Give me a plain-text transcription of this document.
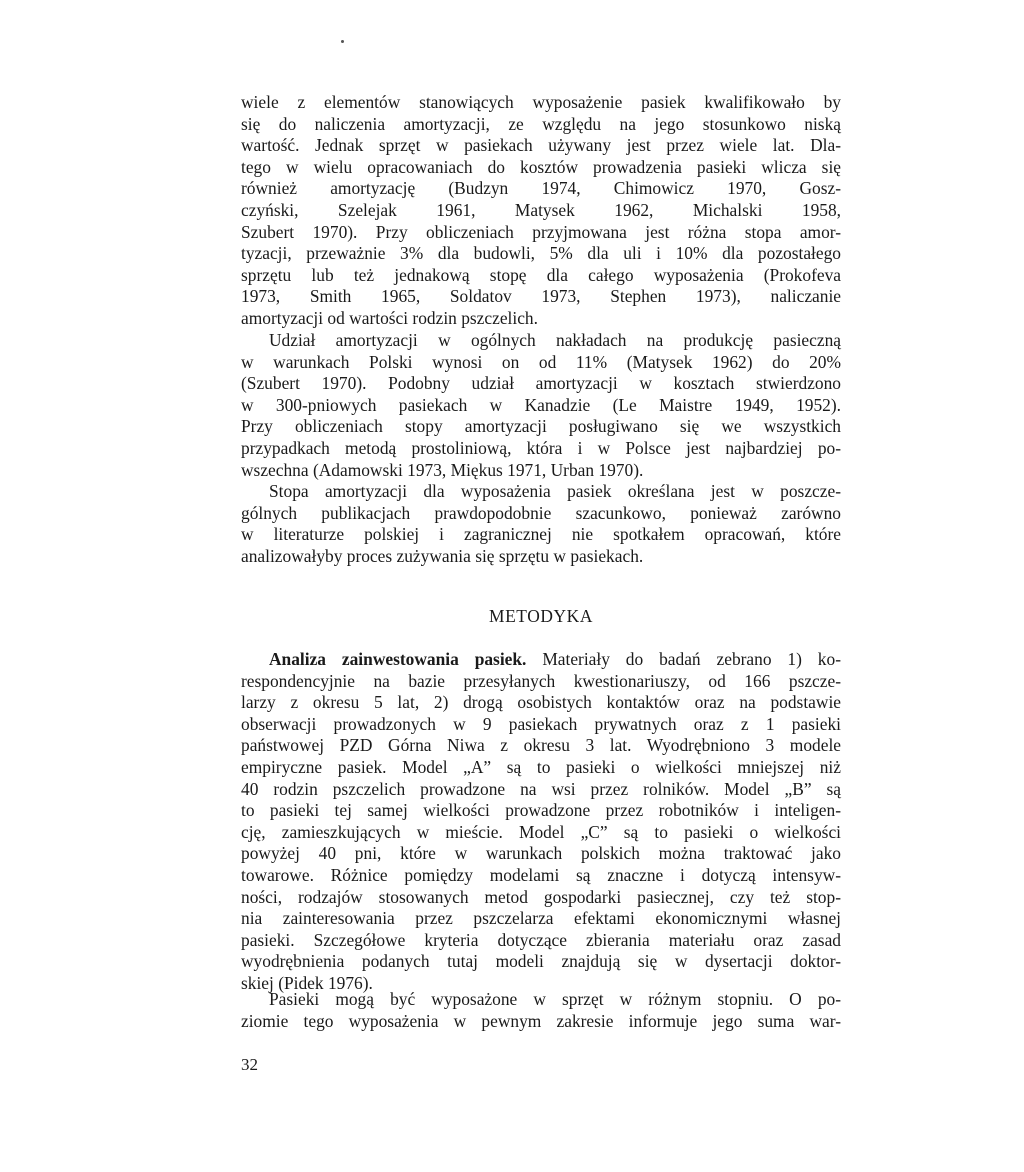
wiele z elementów stanowiących wyposażenie pasiek kwalifikowało by
się do naliczenia amortyzacji, ze względu na jego stosunkowo niską
wartość. Jednak sprzęt w pasiekach używany jest przez wiele lat. Dla-
tego w wielu opracowaniach do kosztów prowadzenia pasieki wlicza się
również amortyzację (Budzyn 1974, Chimowicz 1970, Gosz-
czyński, Szelejak 1961, Matysek 1962, Michalski 1958,
Szubert 1970). Przy obliczeniach przyjmowana jest różna stopa amor-
tyzacji, przeważnie 3% dla budowli, 5% dla uli i 10% dla pozostałego
sprzętu lub też jednakową stopę dla całego wyposażenia (Prokofeva
1973, Smith 1965, Soldatov 1973, Stephen 1973), naliczanie
amortyzacji od wartości rodzin pszczelich.
Udział amortyzacji w ogólnych nakładach na produkcję pasieczną
w warunkach Polski wynosi on od 11% (Matysek 1962) do 20%
(Szubert 1970). Podobny udział amortyzacji w kosztach stwierdzono
w 300-pniowych pasiekach w Kanadzie (Le Maistre 1949, 1952).
Przy obliczeniach stopy amortyzacji posługiwano się we wszystkich
przypadkach metodą prostoliniową, która i w Polsce jest najbardziej po-
wszechna (Adamowski 1973, Miękus 1971, Urban 1970).
Stopa amortyzacji dla wyposażenia pasiek określana jest w poszcze-
gólnych publikacjach prawdopodobnie szacunkowo, ponieważ zarówno
w literaturze polskiej i zagranicznej nie spotkałem opracowań, które
analizowałyby proces zużywania się sprzętu w pasiekach.
METODYKA
Analiza zainwestowania pasiek. Materiały do badań zebrano 1) ko-
respondencyjnie na bazie przesyłanych kwestionariuszy, od 166 pszcze-
larzy z okresu 5 lat, 2) drogą osobistych kontaktów oraz na podstawie
obserwacji prowadzonych w 9 pasiekach prywatnych oraz z 1 pasieki
państwowej PZD Górna Niwa z okresu 3 lat. Wyodrębniono 3 modele
empiryczne pasiek. Model „A” są to pasieki o wielkości mniejszej niż
40 rodzin pszczelich prowadzone na wsi przez rolników. Model „B” są
to pasieki tej samej wielkości prowadzone przez robotników i inteligen-
cję, zamieszkujących w mieście. Model „C” są to pasieki o wielkości
powyżej 40 pni, które w warunkach polskich można traktować jako
towarowe. Różnice pomiędzy modelami są znaczne i dotyczą intensyw-
ności, rodzajów stosowanych metod gospodarki pasiecznej, czy też stop-
nia zainteresowania przez pszczelarza efektami ekonomicznymi własnej
pasieki. Szczegółowe kryteria dotyczące zbierania materiału oraz zasad
wyodrębnienia podanych tutaj modeli znajdują się w dysertacji doktor-
skiej (Pidek 1976).
Pasieki mogą być wyposażone w sprzęt w różnym stopniu. O po-
ziomie tego wyposażenia w pewnym zakresie informuje jego suma war-
32
